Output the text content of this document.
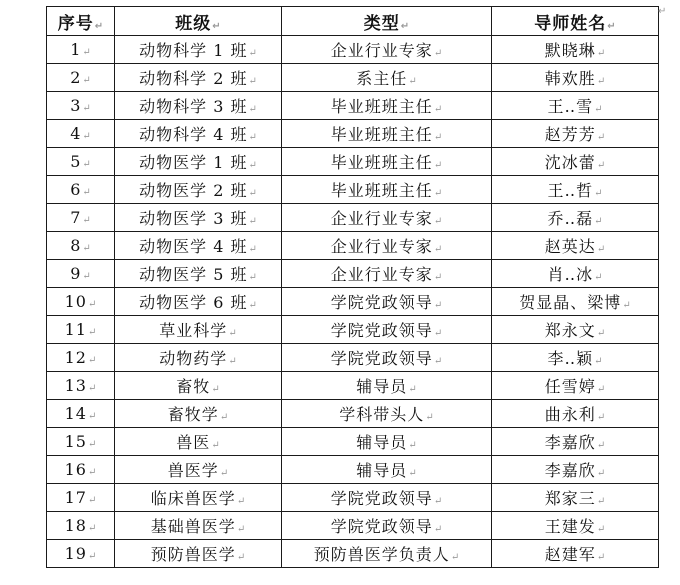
序号↵	班级↵	类型↵	导师姓名↵
1↵	动物科学 1 班↵	企业行业专家↵	默晓琳↵
2↵	动物科学 2 班↵	系主任↵	韩欢胜↵
3↵	动物科学 3 班↵	毕业班班主任↵	王‥雪↵
4↵	动物科学 4 班↵	毕业班班主任↵	赵芳芳↵
5↵	动物医学 1 班↵	毕业班班主任↵	沈冰蕾↵
6↵	动物医学 2 班↵	毕业班班主任↵	王‥哲↵
7↵	动物医学 3 班↵	企业行业专家↵	乔‥磊↵
8↵	动物医学 4 班↵	企业行业专家↵	赵英达↵
9↵	动物医学 5 班↵	企业行业专家↵	肖‥冰↵
10↵	动物医学 6 班↵	学院党政领导↵	贺显晶、梁博↵
11↵	草业科学↵	学院党政领导↵	郑永文↵
12↵	动物药学↵	学院党政领导↵	李‥颖↵
13↵	畜牧↵	辅导员↵	任雪婷↵
14↵	畜牧学↵	学科带头人↵	曲永利↵
15↵	兽医↵	辅导员↵	李嘉欣↵
16↵	兽医学↵	辅导员↵	李嘉欣↵
17↵	临床兽医学↵	学院党政领导↵	郑家三↵
18↵	基础兽医学↵	学院党政领导↵	王建发↵
19↵	预防兽医学↵	预防兽医学负责人↵	赵建军↵
↵
